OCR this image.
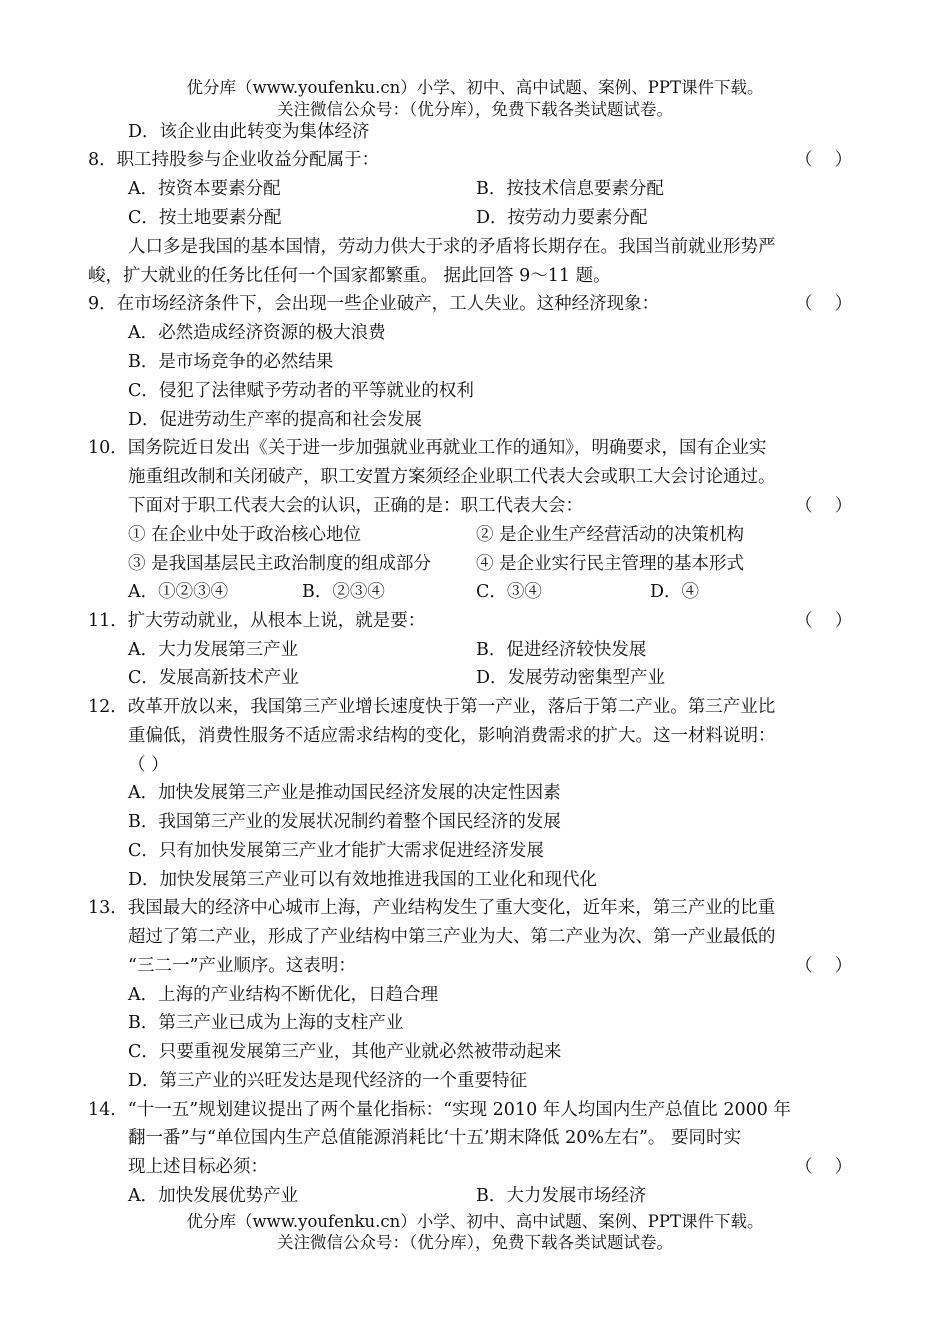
优分库（www.youfenku.cn）小学、初中、高中试题、案例、PPT课件下载。
关注微信公众号：（优分库），免费下载各类试题试卷。
D．该企业由此转变为集体经济
8．职工持股参与企业收益分配属于：	（    ）
A．按资本要素分配	B．按技术信息要素分配
C．按土地要素分配	D．按劳动力要素分配
人口多是我国的基本国情，劳动力供大于求的矛盾将长期存在。我国当前就业形势严
峻，扩大就业的任务比任何一个国家都繁重。 据此回答 9～11 题。
9．在市场经济条件下，会出现一些企业破产，工人失业。这种经济现象：	（    ）
A．必然造成经济资源的极大浪费
B．是市场竞争的必然结果
C．侵犯了法律赋予劳动者的平等就业的权利
D．促进劳动生产率的提高和社会发展
10．国务院近日发出《关于进一步加强就业再就业工作的通知》，明确要求，国有企业实
施重组改制和关闭破产，职工安置方案须经企业职工代表大会或职工大会讨论通过。
下面对于职工代表大会的认识，正确的是：职工代表大会：	（    ）
① 在企业中处于政治核心地位	② 是企业生产经营活动的决策机构
③ 是我国基层民主政治制度的组成部分	④ 是企业实行民主管理的基本形式
A．①②③④	B．②③④	C．③④	D．④
11．扩大劳动就业，从根本上说，就是要：	（    ）
A．大力发展第三产业	B．促进经济较快发展
C．发展高新技术产业	D．发展劳动密集型产业
12．改革开放以来，我国第三产业增长速度快于第一产业，落后于第二产业。第三产业比
重偏低，消费性服务不适应需求结构的变化，影响消费需求的扩大。这一材料说明：
（ ）
A．加快发展第三产业是推动国民经济发展的决定性因素
B．我国第三产业的发展状况制约着整个国民经济的发展
C．只有加快发展第三产业才能扩大需求促进经济发展
D．加快发展第三产业可以有效地推进我国的工业化和现代化
13．我国最大的经济中心城市上海，产业结构发生了重大变化，近年来，第三产业的比重
超过了第二产业，形成了产业结构中第三产业为大、第二产业为次、第一产业最低的
“三二一”产业顺序。这表明：	（    ）
A．上海的产业结构不断优化，日趋合理
B．第三产业已成为上海的支柱产业
C．只要重视发展第三产业，其他产业就必然被带动起来
D．第三产业的兴旺发达是现代经济的一个重要特征
14．“十一五”规划建议提出了两个量化指标：“实现 2010 年人均国内生产总值比 2000 年
翻一番”与“单位国内生产总值能源消耗比‘十五’期末降低 20%左右”。 要同时实
现上述目标必须：	（    ）
A．加快发展优势产业	B．大力发展市场经济
优分库（www.youfenku.cn）小学、初中、高中试题、案例、PPT课件下载。
关注微信公众号：（优分库），免费下载各类试题试卷。
